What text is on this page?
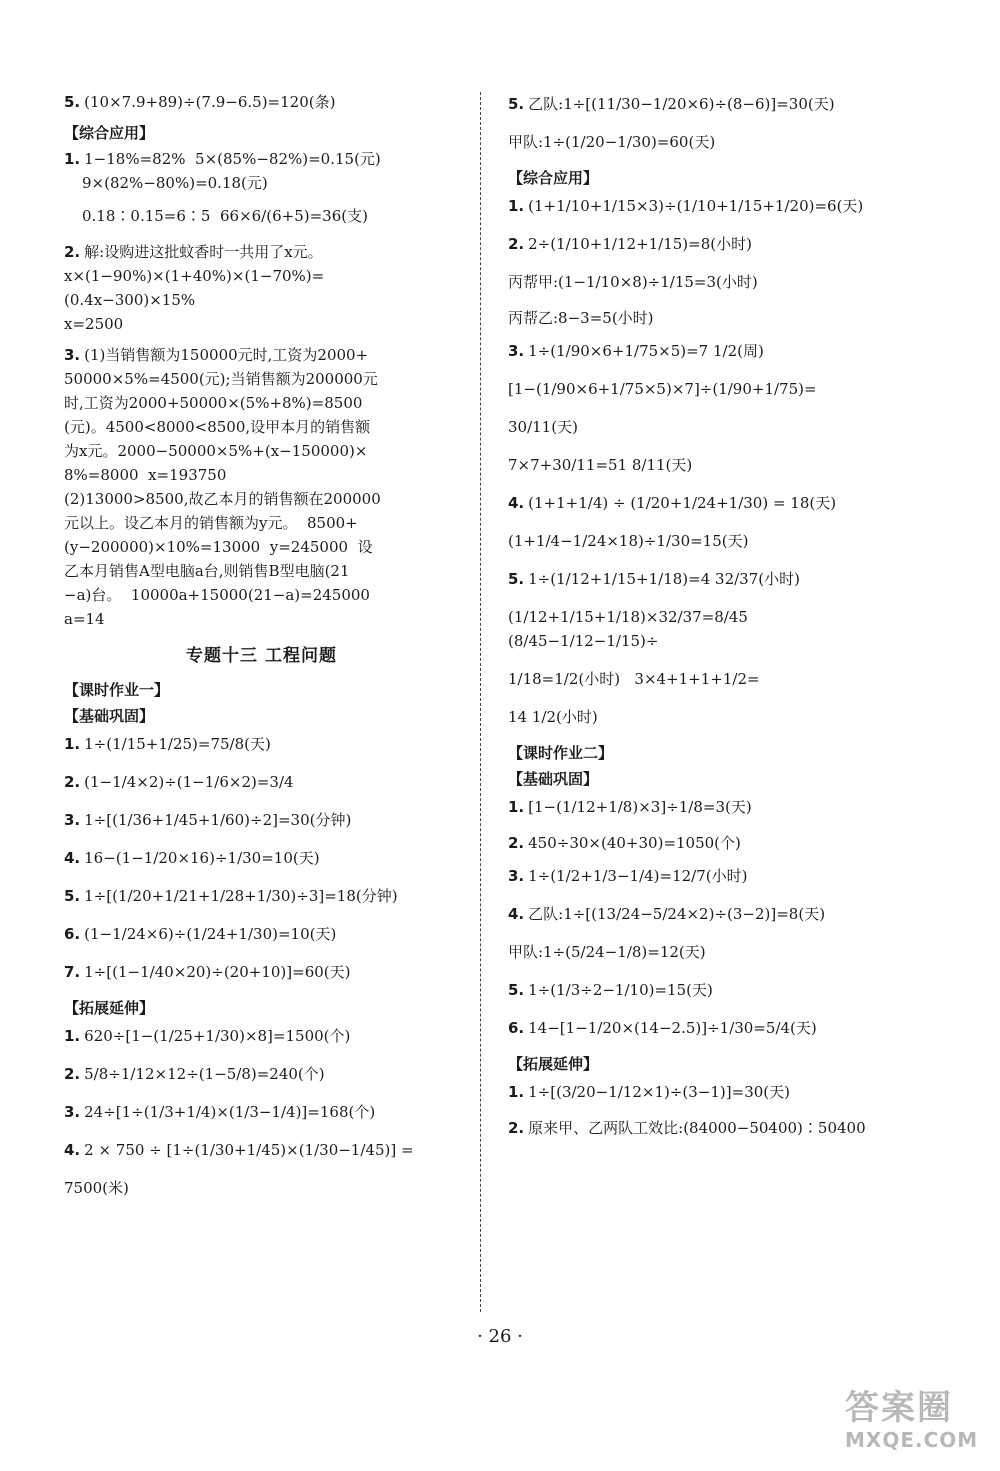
5. (10×7.9+89)÷(7.9−6.5)=120(条)
【综合应用】
1. 1−18%=82%  5×(85%−82%)=0.15(元)
9×(82%−80%)=0.18(元)
0.18∶0.15=6∶5  66×6/(6+5)=36(支)
2. 解:设购进这批蚊香时一共用了x元。
x×(1−90%)×(1+40%)×(1−70%)=
(0.4x−300)×15%
x=2500
3. (1)当销售额为150000元时,工资为2000+
50000×5%=4500(元);当销售额为200000元
时,工资为2000+50000×(5%+8%)=8500
(元)。4500<8000<8500,设甲本月的销售额
为x元。2000−50000×5%+(x−150000)×
8%=8000  x=193750
(2)13000>8500,故乙本月的销售额在200000
元以上。设乙本月的销售额为y元。  8500+
(y−200000)×10%=13000  y=245000  设
乙本月销售A型电脑a台,则销售B型电脑(21
−a)台。  10000a+15000(21−a)=245000
a=14
专题十三 工程问题
【课时作业一】
【基础巩固】
1. 1÷(1/15+1/25)=75/8(天)
2. (1−1/4×2)÷(1−1/6×2)=3/4
3. 1÷[(1/36+1/45+1/60)÷2]=30(分钟)
4. 16−(1−1/20×16)÷1/30=10(天)
5. 1÷[(1/20+1/21+1/28+1/30)÷3]=18(分钟)
6. (1−1/24×6)÷(1/24+1/30)=10(天)
7. 1÷[(1−1/40×20)÷(20+10)]=60(天)
【拓展延伸】
1. 620÷[1−(1/25+1/30)×8]=1500(个)
2. 5/8÷1/12×12÷(1−5/8)=240(个)
3. 24÷[1÷(1/3+1/4)×(1/3−1/4)]=168(个)
4. 2 × 750 ÷ [1÷(1/30+1/45)×(1/30−1/45)] =
7500(米)
5. 乙队:1÷[(11/30−1/20×6)÷(8−6)]=30(天)
甲队:1÷(1/20−1/30)=60(天)
【综合应用】
1. (1+1/10+1/15×3)÷(1/10+1/15+1/20)=6(天)
2. 2÷(1/10+1/12+1/15)=8(小时)
丙帮甲:(1−1/10×8)÷1/15=3(小时)
丙帮乙:8−3=5(小时)
3. 1÷(1/90×6+1/75×5)=7 1/2(周)
[1−(1/90×6+1/75×5)×7]÷(1/90+1/75)=
30/11(天)
7×7+30/11=51 8/11(天)
4. (1+1+1/4) ÷ (1/20+1/24+1/30) = 18(天)
(1+1/4−1/24×18)÷1/30=15(天)
5. 1÷(1/12+1/15+1/18)=4 32/37(小时)
(1/12+1/15+1/18)×32/37=8/45   (8/45−1/12−1/15)÷
1/18=1/2(小时)   3×4+1+1+1/2=
14 1/2(小时)
【课时作业二】
【基础巩固】
1. [1−(1/12+1/8)×3]÷1/8=3(天)
2. 450÷30×(40+30)=1050(个)
3. 1÷(1/2+1/3−1/4)=12/7(小时)
4. 乙队:1÷[(13/24−5/24×2)÷(3−2)]=8(天)
甲队:1÷(5/24−1/8)=12(天)
5. 1÷(1/3÷2−1/10)=15(天)
6. 14−[1−1/20×(14−2.5)]÷1/30=5/4(天)
【拓展延伸】
1. 1÷[(3/20−1/12×1)÷(3−1)]=30(天)
2. 原来甲、乙两队工效比:(84000−50400)∶50400
· 26 ·
答案圈
MXQE.COM
